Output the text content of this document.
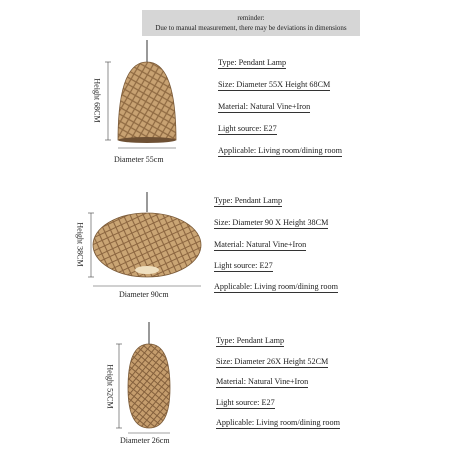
reminder:
Due to manual measurement, there may be deviations in dimensions
Height 68CM
Diameter 55cm
Type: Pendant Lamp
Size: Diameter 55X Height 68CM
Material: Natural Vine+Iron
Light source: E27
Applicable: Living room/dining room
Height 38CM
Diameter 90cm
Type: Pendant Lamp
Size: Diameter 90 X Height 38CM
Material: Natural Vine+Iron
Light source: E27
Applicable: Living room/dining room
Height 52CM
Diameter 26cm
Type: Pendant Lamp
Size: Diameter 26X Height 52CM
Material: Natural Vine+Iron
Light source: E27
Applicable: Living room/dining room
